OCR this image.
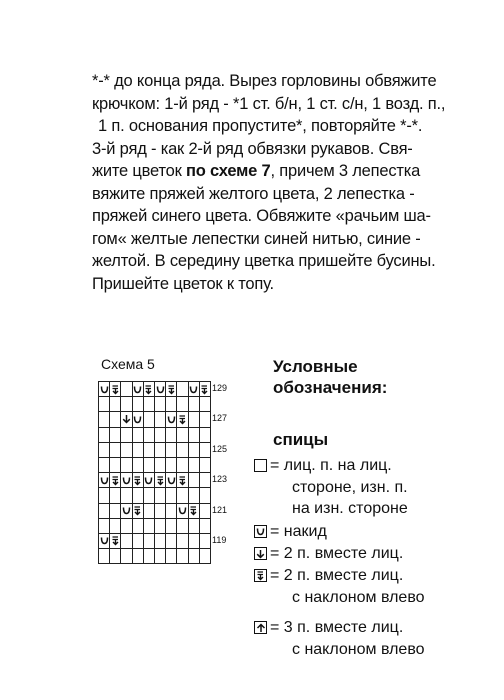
*-* до конца ряда. Вырез горловины обвяжите
крючком: 1-й ряд - *1 ст. б/н, 1 ст. с/н, 1 возд. п.,
1 п. основания пропустите*, повторяйте *-*.
3-й ряд - как 2-й ряд обвязки рукавов. Свя-
жите цветок по схеме 7, причем 3 лепестка
вяжите пряжей желтого цвета, 2 лепестка -
пряжей синего цвета. Обвяжите «рачьим ша-
гом« желтые лепестки синей нитью, синие -
желтой. В середину цветка пришейте бусины.
Пришейте цветок к топу.
Схема 5
129
127
125
123
121
119
Условные
обозначения:
спицы
= лиц. п. на лиц.
стороне, изн. п.
на изн. стороне
= накид
= 2 п. вместе лиц.
= 2 п. вместе лиц.
с наклоном влево
= 3 п. вместе лиц.
с наклоном влево
